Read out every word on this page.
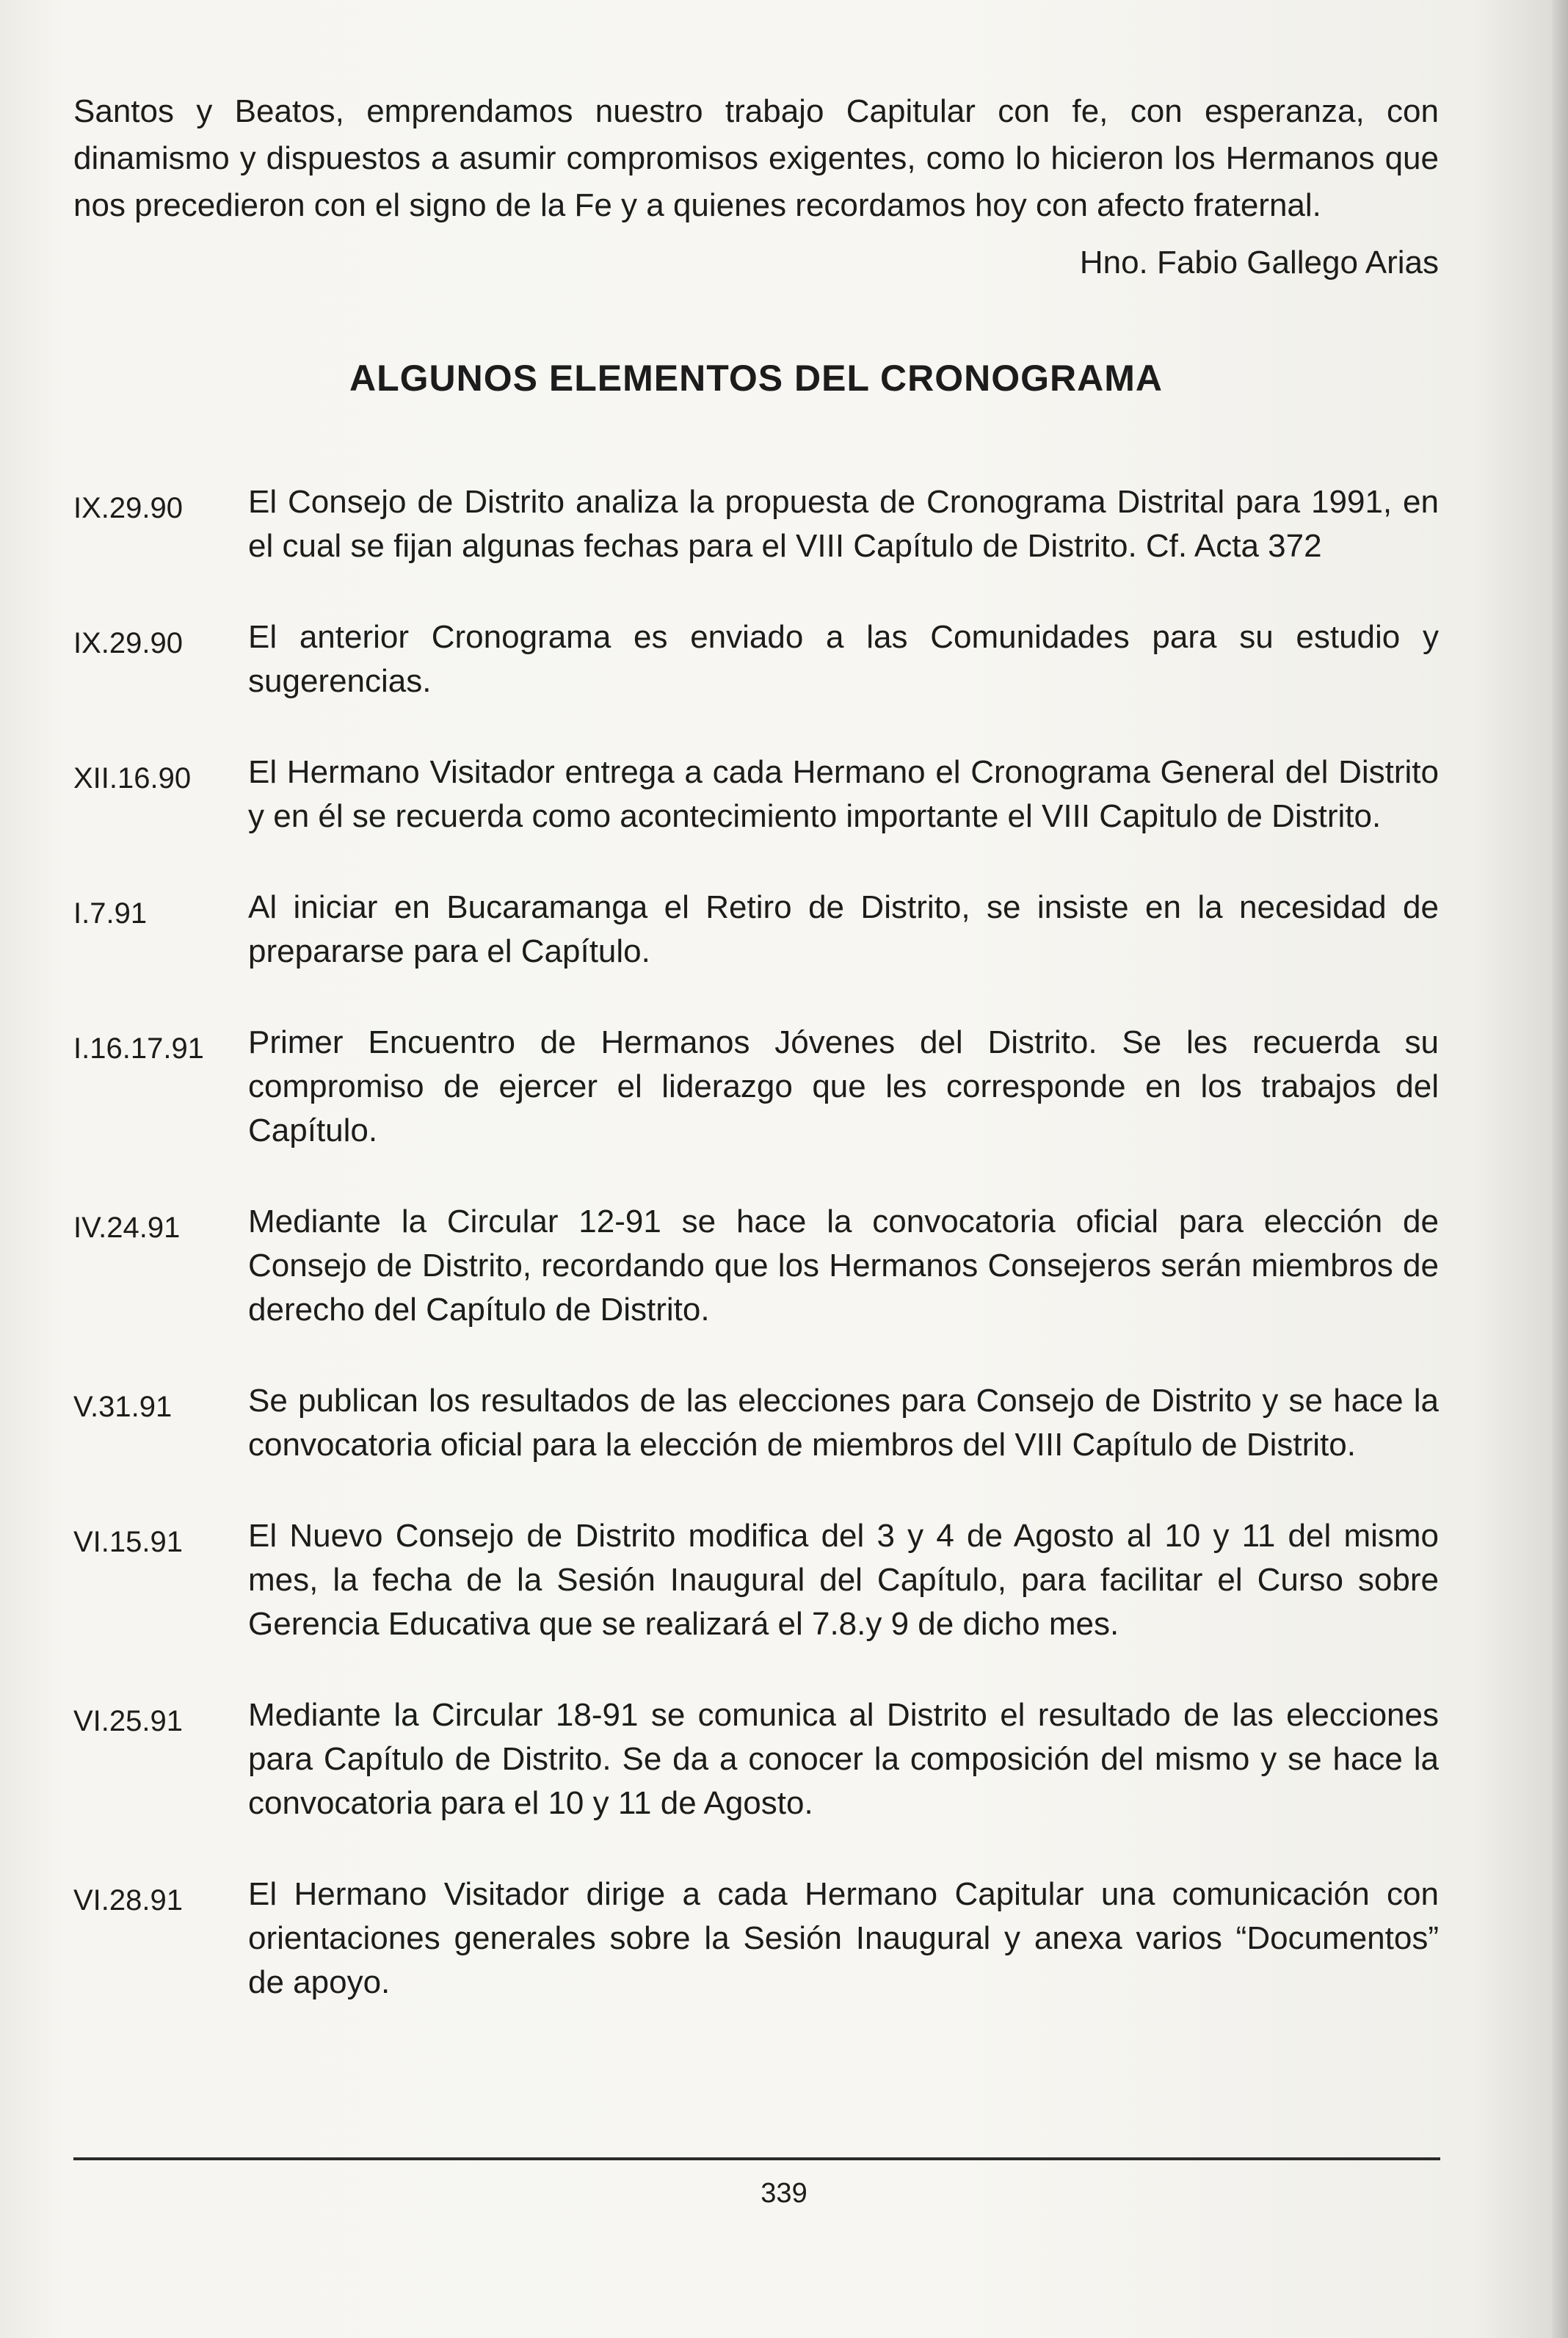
Santos y Beatos, emprendamos nuestro trabajo Capitular con fe, con esperanza, con dinamismo y dispuestos a asumir compromisos exigentes, como lo hicieron los Hermanos que nos precedieron con el signo de la Fe y a quienes recordamos hoy con afecto fraternal.

Hno. Fabio Gallego Arias

ALGUNOS ELEMENTOS DEL CRONOGRAMA
IX.29.90	El Consejo de Distrito analiza la propuesta de Cronograma Distrital para 1991, en el cual se fijan algunas fechas para el VIII Capítulo de Distrito. Cf. Acta 372
IX.29.90	El anterior Cronograma es enviado a las Comunidades para su estudio y sugerencias.
XII.16.90	El Hermano Visitador entrega a cada Hermano el Cronograma General del Distrito y en él se recuerda como acontecimiento importante el VIII Capitulo de Distrito.
I.7.91	Al iniciar en Bucaramanga el Retiro de Distrito, se insiste en la necesidad de prepararse para el Capítulo.
I.16.17.91	Primer Encuentro de Hermanos Jóvenes del Distrito. Se les recuerda su compromiso de ejercer el liderazgo que les corresponde en los trabajos del Capítulo.
IV.24.91	Mediante la Circular 12-91 se hace la convocatoria oficial para elección de Consejo de Distrito, recordando que los Hermanos Consejeros serán miembros de derecho del Capítulo de Distrito.
V.31.91	Se publican los resultados de las elecciones para Consejo de Distrito y se hace la convocatoria oficial para la elección de miembros del VIII Capítulo de Distrito.
VI.15.91	El Nuevo Consejo de Distrito modifica del 3 y 4 de Agosto al 10 y 11 del mismo mes, la fecha de la Sesión Inaugural del Capítulo, para facilitar el Curso sobre Gerencia Educativa que se realizará el 7.8.y 9 de dicho mes.
VI.25.91	Mediante la Circular 18-91 se comunica al Distrito el resultado de las elecciones para Capítulo de Distrito. Se da a conocer la composición del mismo y se hace la convocatoria para el 10 y 11 de Agosto.
VI.28.91	El Hermano Visitador dirige a cada Hermano Capitular una comunicación con orientaciones generales sobre la Sesión Inaugural y anexa varios “Documentos” de apoyo.
339
